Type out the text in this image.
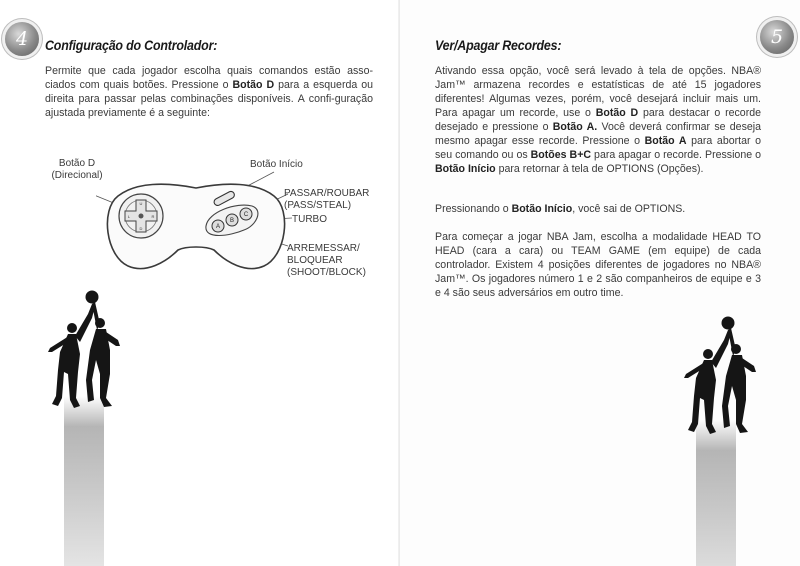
4	Configuração do Controlador:

Permite que cada jogador escolha quais comandos estão asso-ciados com quais botões. Pressione o Botão D para a esquerda ou direita para passar pelas combinações disponíveis. A confi-guração ajustada previamente é a seguinte:

Botão D
(Direcional)
Botão Início
PASSAR/ROUBAR
(PASS/STEAL)
TURBO
ARREMESSAR/
BLOQUEAR
(SHOOT/BLOCK)
U
D
L	R
A
B
C
5
Ver/Apagar Recordes:

Ativando essa opção, você será levado à tela de opções. NBA® Jam™ armazena recordes e estatísticas de até 15 jogadores diferentes! Algumas vezes, porém, você desejará incluir mais um. Para apagar um recorde, use o Botão D para destacar o recorde desejado e pressione o Botão A. Você deverá confirmar se deseja mesmo apagar esse recorde. Pressione o Botão A para abortar o seu comando ou os Botões B+C para apagar o recorde. Pressione o Botão Início para retornar à tela de OPTIONS (Opções).

Pressionando o Botão Início, você sai de OPTIONS.

Para começar a jogar NBA Jam, escolha a modalidade HEAD TO HEAD (cara a cara) ou TEAM GAME (em equipe) de cada controlador. Existem 4 posições diferentes de jogadores no NBA® Jam™. Os jogadores número 1 e 2 são companheiros de equipe e 3 e 4 são seus adversários em outro time.
